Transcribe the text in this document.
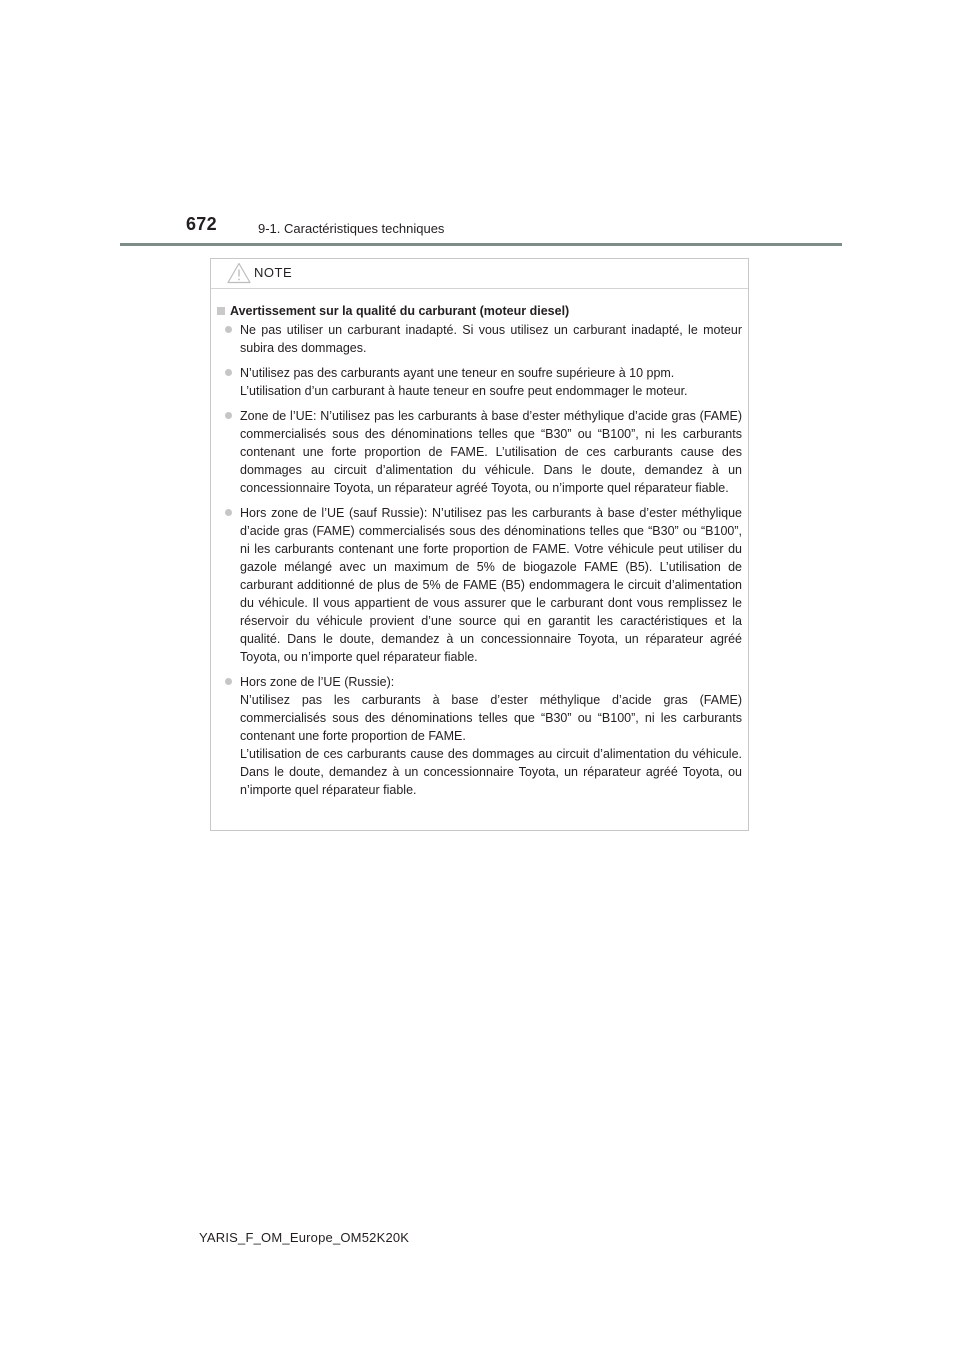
672	9-1. Caractéristiques techniques
NOTE
Avertissement sur la qualité du carburant (moteur diesel)

Ne pas utiliser un carburant inadapté. Si vous utilisez un carburant inadapté, le moteur subira des dommages.

N’utilisez pas des carburants ayant une teneur en soufre supérieure à 10 ppm.

L’utilisation d’un carburant à haute teneur en soufre peut endommager le moteur.

Zone de l’UE: N’utilisez pas les carburants à base d’ester méthylique d’acide gras (FAME) commercialisés sous des dénominations telles que “B30” ou “B100”, ni les carburants contenant une forte proportion de FAME. L’utilisation de ces carburants cause des dommages au circuit d’alimentation du véhicule. Dans le doute, demandez à un concessionnaire Toyota, un réparateur agréé Toyota, ou n’importe quel réparateur fiable.

Hors zone de l’UE (sauf Russie): N’utilisez pas les carburants à base d’ester méthylique d’acide gras (FAME) commercialisés sous des dénominations telles que “B30” ou “B100”, ni les carburants contenant une forte proportion de FAME. Votre véhicule peut utiliser du gazole mélangé avec un maximum de 5% de biogazole FAME (B5). L’utilisation de carburant additionné de plus de 5% de FAME (B5) endommagera le circuit d’alimentation du véhicule. Il vous appartient de vous assurer que le carburant dont vous remplissez le réservoir du véhicule provient d’une source qui en garantit les caractéristiques et la qualité. Dans le doute, demandez à un concessionnaire Toyota, un réparateur agréé Toyota, ou n’importe quel réparateur fiable.

Hors zone de l’UE (Russie):

N’utilisez pas les carburants à base d’ester méthylique d’acide gras (FAME) commercialisés sous des dénominations telles que “B30” ou “B100”, ni les carburants contenant une forte proportion de FAME.

L’utilisation de ces carburants cause des dommages au circuit d’alimentation du véhicule. Dans le doute, demandez à un concessionnaire Toyota, un réparateur agréé Toyota, ou n’importe quel réparateur fiable.

YARIS_F_OM_Europe_OM52K20K
